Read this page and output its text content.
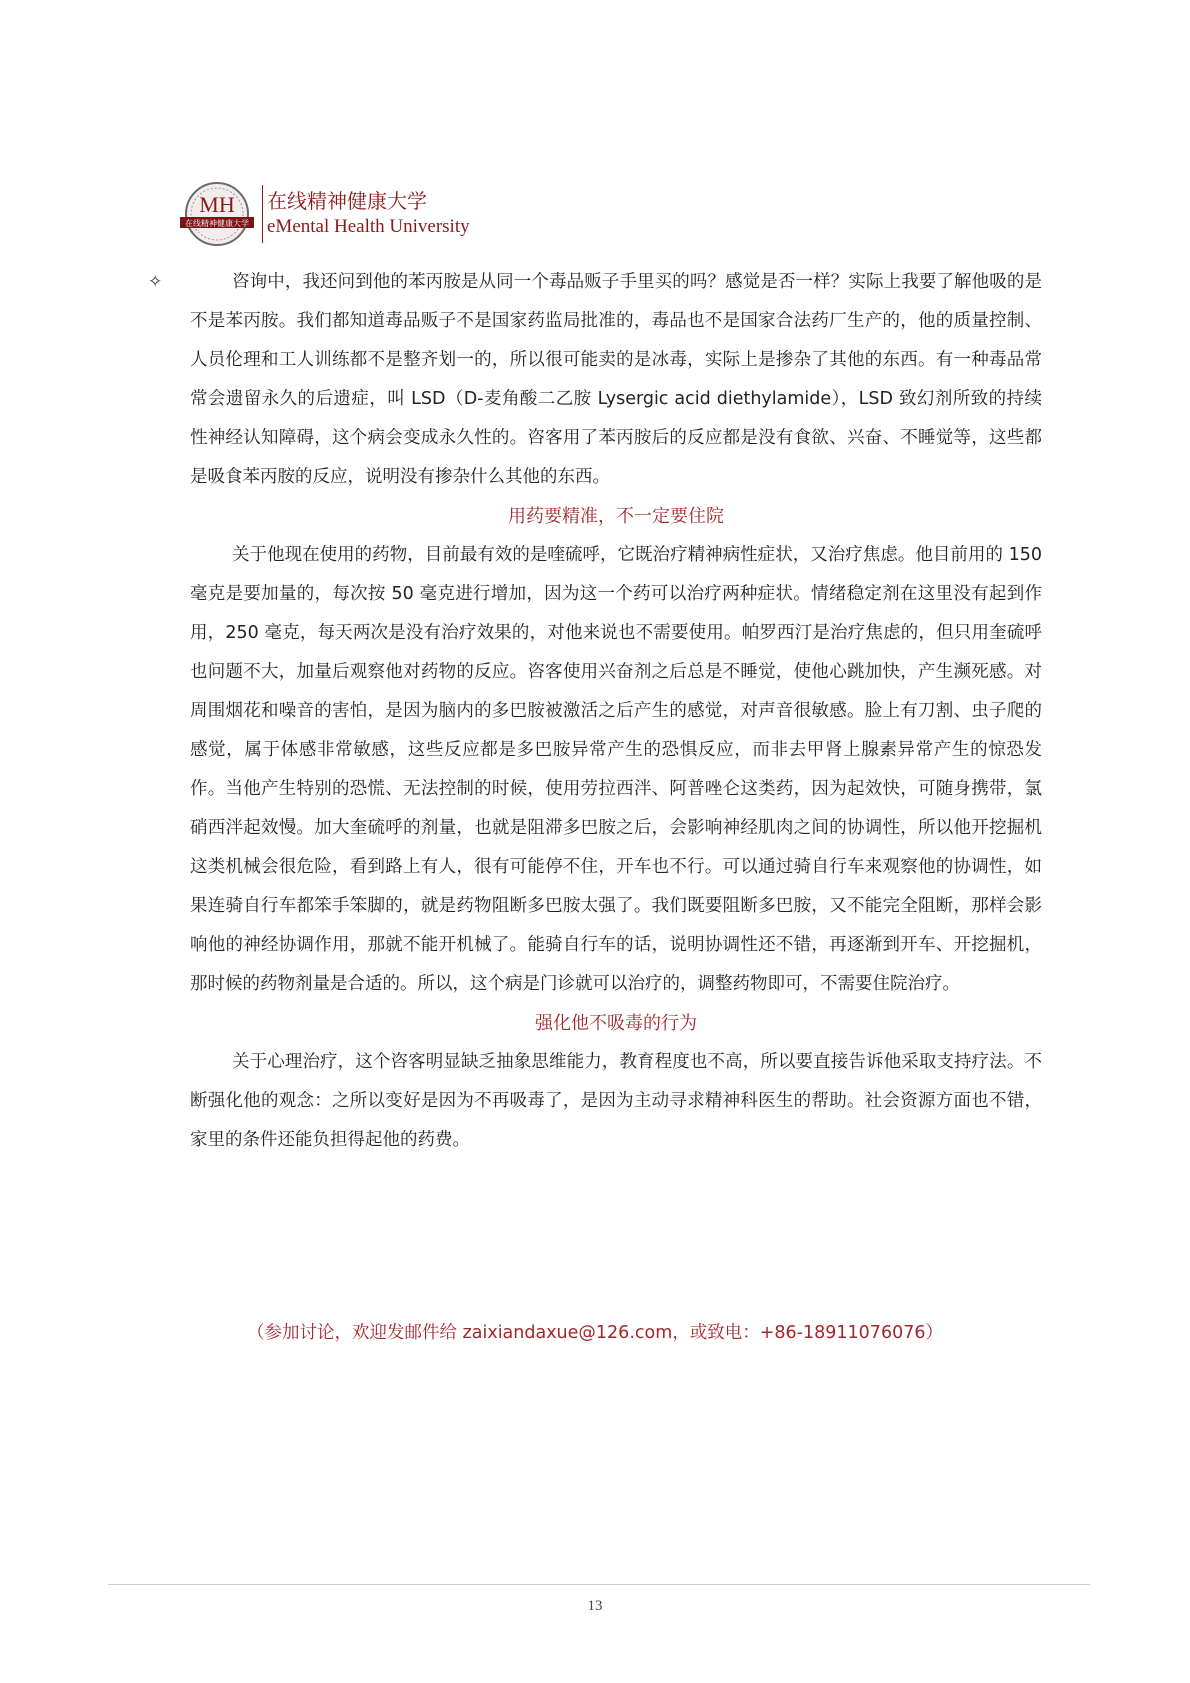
MH
在线精神健康大学
在线精神健康大学
eMental Health University
✧	咨询中，我还问到他的苯丙胺是从同一个毒品贩子手里买的吗？感觉是否一样？实际上我要了解他吸的是不是苯丙胺。我们都知道毒品贩子不是国家药监局批准的，毒品也不是国家合法药厂生产的，他的质量控制、人员伦理和工人训练都不是整齐划一的，所以很可能卖的是冰毒，实际上是掺杂了其他的东西。有一种毒品常常会遗留永久的后遗症，叫 LSD（D-麦角酸二乙胺 Lysergic acid diethylamide），LSD 致幻剂所致的持续性神经认知障碍，这个病会变成永久性的。咨客用了苯丙胺后的反应都是没有食欲、兴奋、不睡觉等，这些都是吸食苯丙胺的反应，说明没有掺杂什么其他的东西。

用药要精准，不一定要住院

关于他现在使用的药物，目前最有效的是喹硫呼，它既治疗精神病性症状，又治疗焦虑。他目前用的 150 毫克是要加量的，每次按 50 毫克进行增加，因为这一个药可以治疗两种症状。情绪稳定剂在这里没有起到作用，250 毫克，每天两次是没有治疗效果的，对他来说也不需要使用。帕罗西汀是治疗焦虑的，但只用奎硫呼也问题不大，加量后观察他对药物的反应。咨客使用兴奋剂之后总是不睡觉，使他心跳加快，产生濒死感。对周围烟花和噪音的害怕，是因为脑内的多巴胺被激活之后产生的感觉，对声音很敏感。脸上有刀割、虫子爬的感觉，属于体感非常敏感，这些反应都是多巴胺异常产生的恐惧反应，而非去甲肾上腺素异常产生的惊恐发作。当他产生特别的恐慌、无法控制的时候，使用劳拉西泮、阿普唑仑这类药，因为起效快，可随身携带，氯硝西泮起效慢。加大奎硫呼的剂量，也就是阻滞多巴胺之后，会影响神经肌肉之间的协调性，所以他开挖掘机这类机械会很危险，看到路上有人，很有可能停不住，开车也不行。可以通过骑自行车来观察他的协调性，如果连骑自行车都笨手笨脚的，就是药物阻断多巴胺太强了。我们既要阻断多巴胺，又不能完全阻断，那样会影响他的神经协调作用，那就不能开机械了。能骑自行车的话，说明协调性还不错，再逐渐到开车、开挖掘机，那时候的药物剂量是合适的。所以，这个病是门诊就可以治疗的，调整药物即可，不需要住院治疗。

强化他不吸毒的行为

关于心理治疗，这个咨客明显缺乏抽象思维能力，教育程度也不高，所以要直接告诉他采取支持疗法。不断强化他的观念：之所以变好是因为不再吸毒了，是因为主动寻求精神科医生的帮助。社会资源方面也不错，家里的条件还能负担得起他的药费。

（参加讨论，欢迎发邮件给 zaixiandaxue@126.com，或致电：+86-18911076076）
13
